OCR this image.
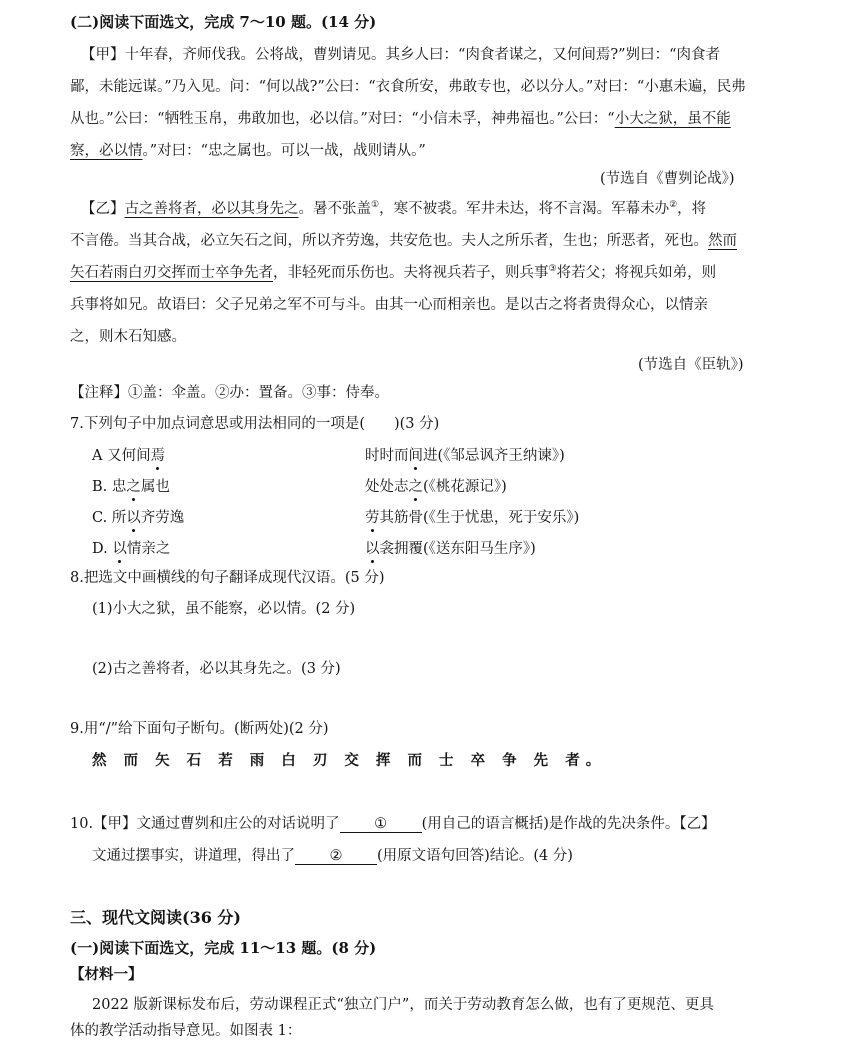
(二)阅读下面选文，完成 7～10 题。(14 分)
【甲】十年春，齐师伐我。公将战，曹刿请见。其乡人曰：“肉食者谋之，又何间焉?”刿曰：“肉食者
鄙，未能远谋。”乃入见。问：“何以战?”公曰：“衣食所安，弗敢专也，必以分人。”对曰：“小惠未遍，民弗
从也。”公曰：“牺牲玉帛，弗敢加也，必以信。”对曰：“小信未孚，神弗福也。”公曰：“小大之狱，虽不能
察，必以情。”对曰：“忠之属也。可以一战，战则请从。”
(节选自《曹刿论战》)
【乙】古之善将者，必以其身先之。暑不张盖①，寒不被裘。军井未达，将不言渴。军幕未办②，将
不言倦。当其合战，必立矢石之间，所以齐劳逸，共安危也。夫人之所乐者，生也；所恶者，死也。然而
矢石若雨白刃交挥而士卒争先者，非轻死而乐伤也。夫将视兵若子，则兵事③将若父；将视兵如弟，则
兵事将如兄。故语曰：父子兄弟之军不可与斗。由其一心而相亲也。是以古之将者贵得众心，以情亲
之，则木石知感。
(节选自《臣轨》)
【注释】①盖：伞盖。②办：置备。③事：侍奉。
7.下列句子中加点词意思或用法相同的一项是(　　)(3 分)
A 又何间焉	时时而间进(《邹忌讽齐王纳谏》)
B. 忠之属也	处处志之(《桃花源记》)
C. 所以齐劳逸	劳其筋骨(《生于忧患，死于安乐》)
D. 以情亲之	以衾拥覆(《送东阳马生序》)
8.把选文中画横线的句子翻译成现代汉语。(5 分)
(1)小大之狱，虽不能察，必以情。(2 分)
(2)古之善将者，必以其身先之。(3 分)
9.用“/”给下面句子断句。(断两处)(2 分)
然 而 矢 石 若 雨 白 刃 交 挥 而 士 卒 争 先 者。
10.【甲】文通过曹刿和庄公的对话说明了 ① (用自己的语言概括)是作战的先决条件。【乙】
文通过摆事实，讲道理，得出了 ② (用原文语句回答)结论。(4 分)
三、现代文阅读(36 分)
(一)阅读下面选文，完成 11～13 题。(8 分)
【材料一】
2022 版新课标发布后，劳动课程正式“独立门户”，而关于劳动教育怎么做，也有了更规范、更具
体的教学活动指导意见。如图表 1：
